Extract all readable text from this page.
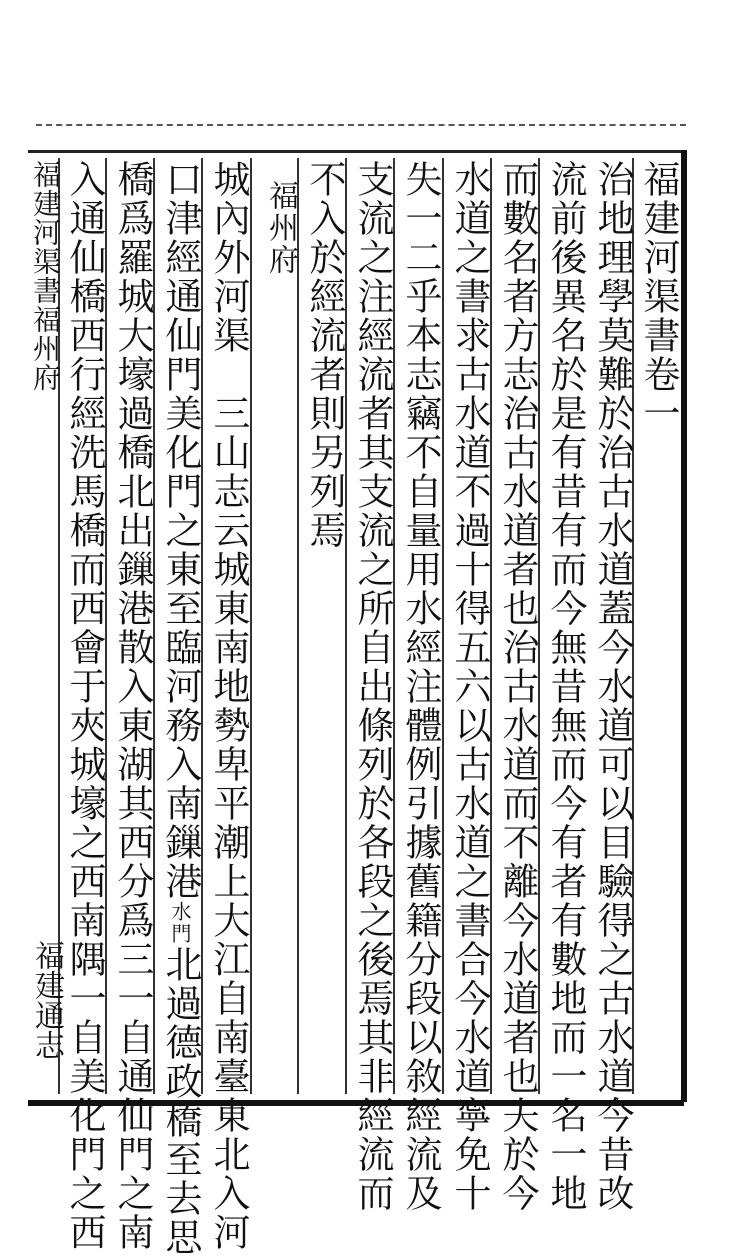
福建河渠書卷一
治地理學莫難於治古水道蓋今水道可以目驗得之古水道今昔改
流前後異名於是有昔有而今無昔無而今有者有數地而一名一地
而數名者方志治古水道者也治古水道而不離今水道者也夫於今
水道之書求古水道不過十得五六以古水道之書合今水道寧免十
失一二乎本志竊不自量用水經注體例引據舊籍分段以敘經流及
支流之注經流者其支流之所自出條列於各段之後焉其非經流而
不入於經流者則另列焉
福州府
城內外河渠　三山志云城東南地勢卑平潮上大江自南臺東北入河
口津經通仙門美化門之東至臨河務入南鏁港水門北過德政橋至去思
橋爲羅城大壕過橋北出鏁港散入東湖其西分爲三一自通仙門之南
入通仙橋西行經洗馬橋而西會于夾城壕之西南隅一自美化門之西
福建河渠書福州府
福建通志
